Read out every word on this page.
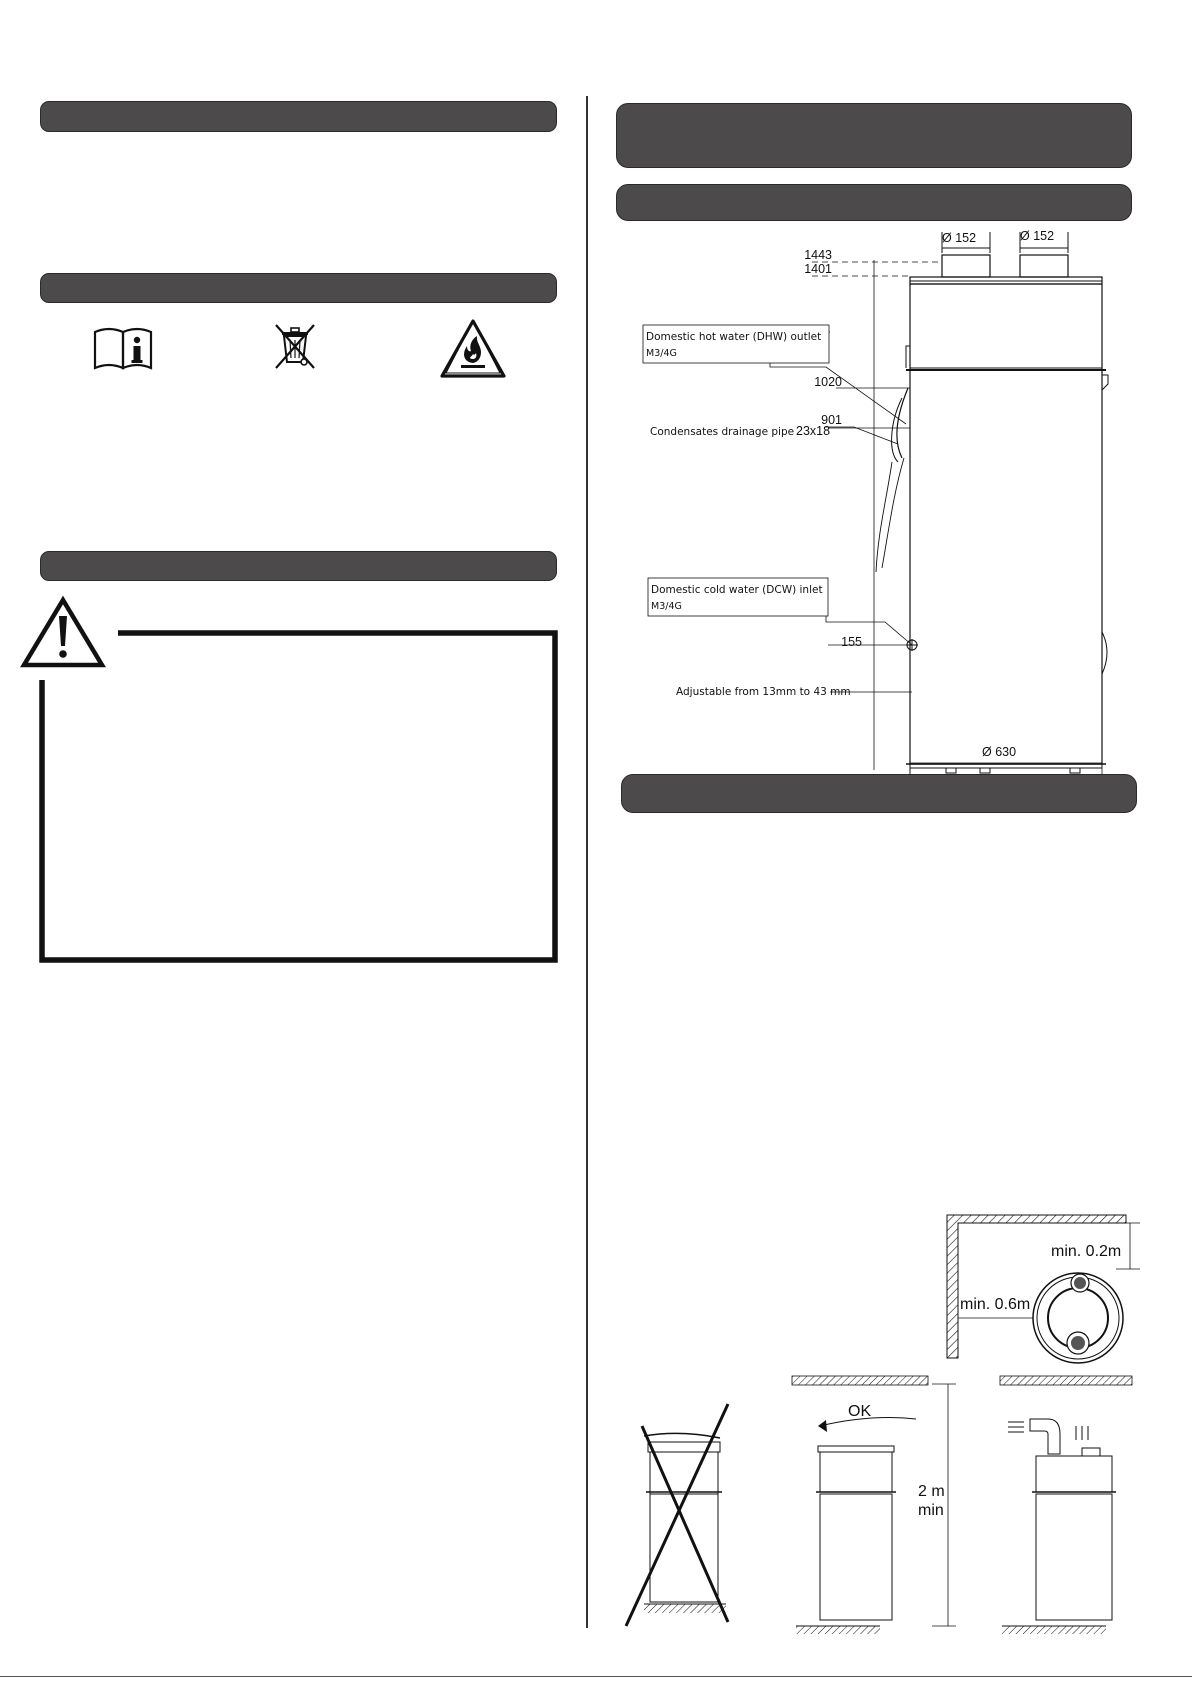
1443
1401
1020
901
155
Ø 152	Ø 152
Domestic hot water (DHW) outlet
M3/4G
Condensates drainage pipe 23x18
Domestic cold water (DCW) inlet
M3/4G
Adjustable from 13mm to 43 mm
Ø 630
min. 0.2m
min. 0.6m
OK
2 m
min
